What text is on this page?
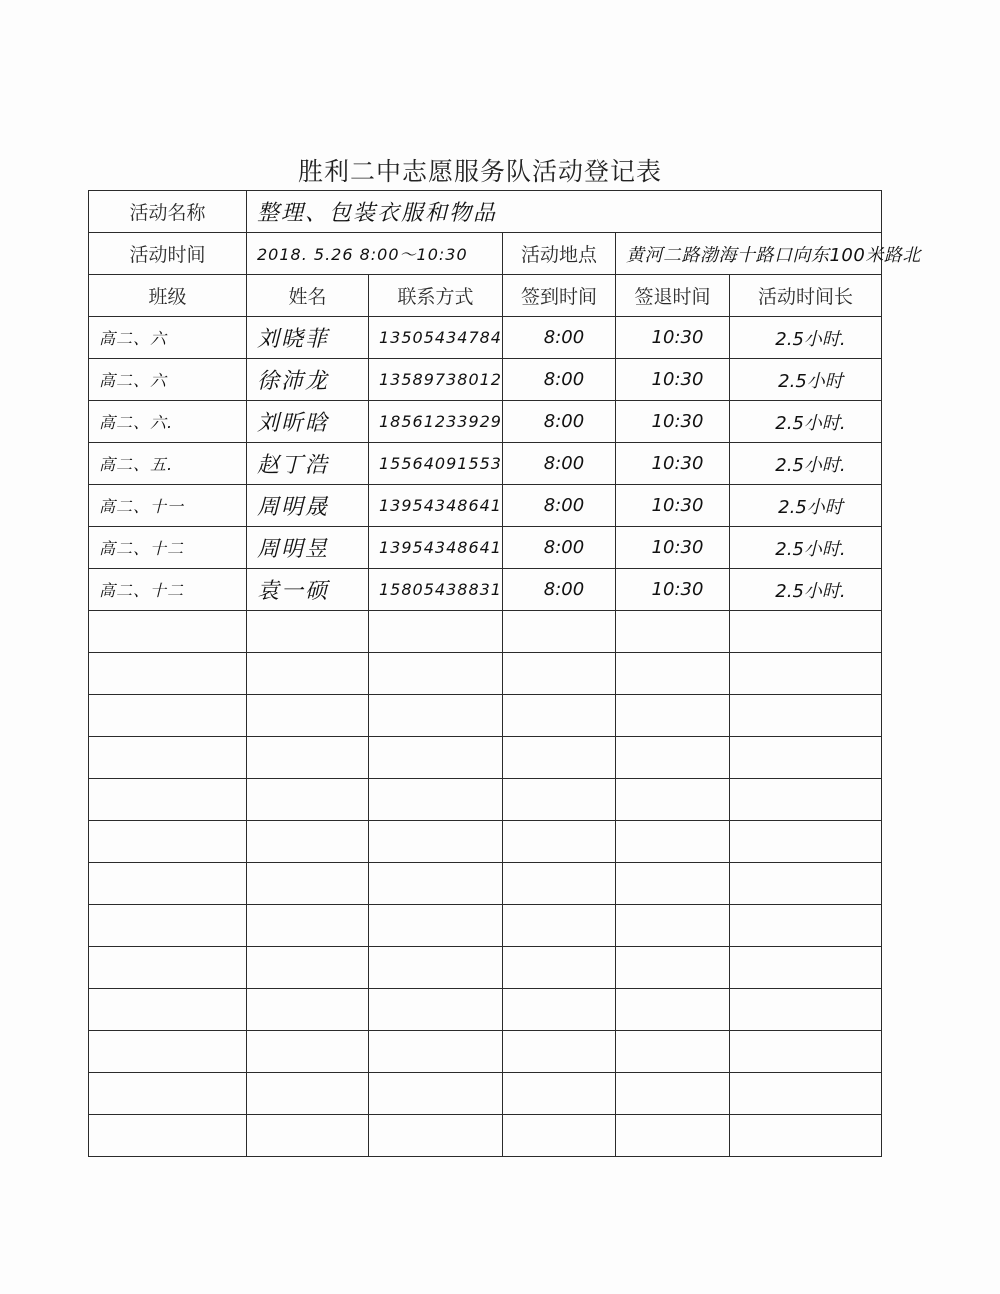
胜利二中志愿服务队活动登记表
活动名称	整理、包装衣服和物品				
活动时间	2018. 5.26 8:00～10:30		活动地点	黄河二路渤海十路口向东100米路北	

班级	姓名	联系方式	签到时间	签退时间	活动时间长
高二、六	刘晓菲	13505434784	8:00	10:30	2.5小时.
高二、六	徐沛龙	13589738012	8:00	10:30	2.5小时
高二、六.	刘昕晗	18561233929	8:00	10:30	2.5小时.
高二、五.	赵丁浩	15564091553	8:00	10:30	2.5小时.
高二、十一	周明晟	13954348641	8:00	10:30	2.5小时
高二、十二	周明昱	13954348641	8:00	10:30	2.5小时.
高二、十二	袁一硕	15805438831	8:00	10:30	2.5小时.
